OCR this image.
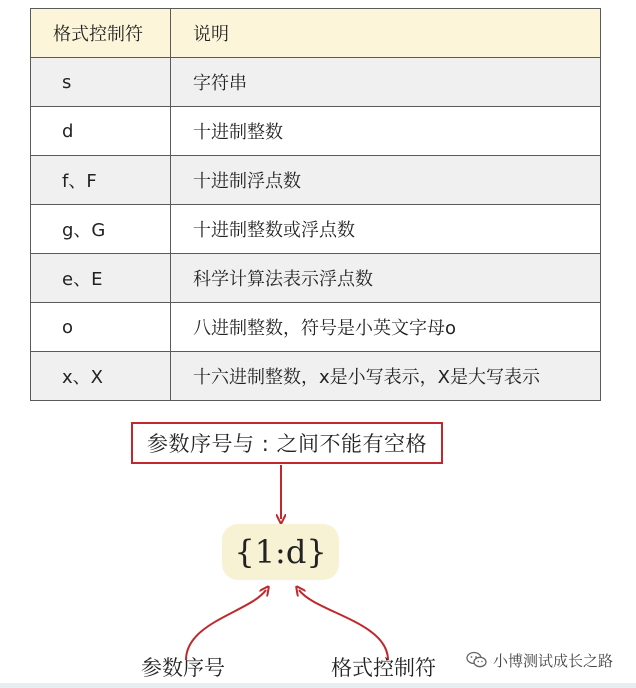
格式控制符	说明
s	字符串
d	十进制整数
f、F	十进制浮点数
g、G	十进制整数或浮点数
e、E	科学计算法表示浮点数
o	八进制整数，符号是小英文字母o
x、X	十六进制整数，x是小写表示，X是大写表示
参数序号与 : 之间不能有空格
{1:d}
参数序号	格式控制符	小博测试成长之路
